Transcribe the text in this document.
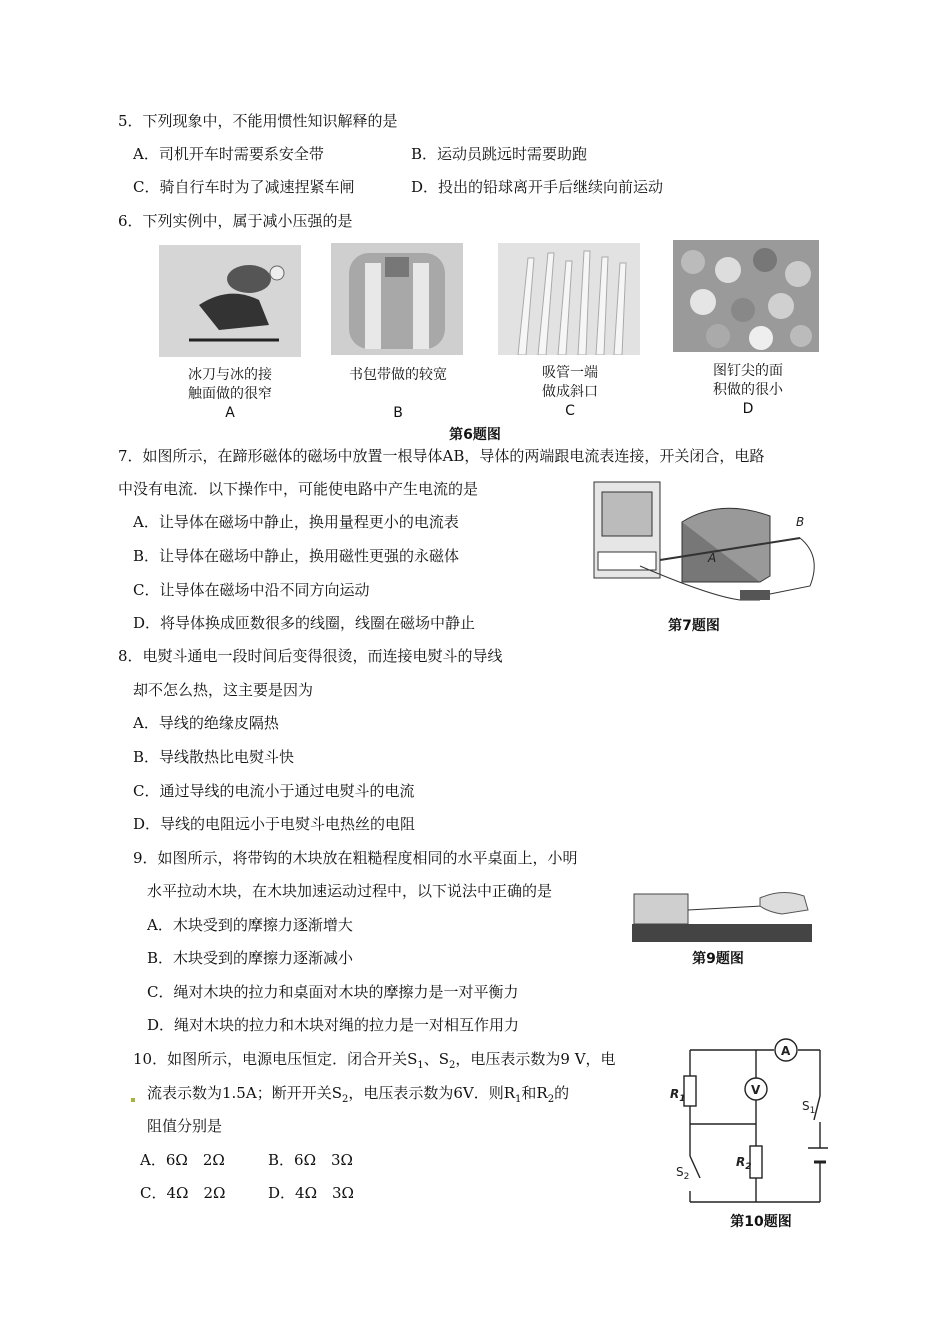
5．下列现象中，不能用惯性知识解释的是
A．司机开车时需要系安全带	B．运动员跳远时需要助跑
C．骑自行车时为了减速捏紧车闸	D．投出的铅球离开手后继续向前运动
6．下列实例中，属于减小压强的是
冰刀与冰的接
触面做的很窄
A
书包带做的较宽
B
吸管一端
做成斜口
C
图钉尖的面
积做的很小
D
第6题图
7．如图所示，在蹄形磁体的磁场中放置一根导体AB，导体的两端跟电流表连接，开关闭合，电路
中没有电流．以下操作中，可能使电路中产生电流的是
A．让导体在磁场中静止，换用量程更小的电流表
B．让导体在磁场中静止，换用磁性更强的永磁体
C．让导体在磁场中沿不同方向运动
D．将导体换成匝数很多的线圈，线圈在磁场中静止
A
B
第7题图
8．电熨斗通电一段时间后变得很烫，而连接电熨斗的导线
却不怎么热，这主要是因为
A．导线的绝缘皮隔热
B．导线散热比电熨斗快
C．通过导线的电流小于通过电熨斗的电流
D．导线的电阻远小于电熨斗电热丝的电阻
9．如图所示，将带钩的木块放在粗糙程度相同的水平桌面上，小明
水平拉动木块，在木块加速运动过程中，以下说法中正确的是
A．木块受到的摩擦力逐渐增大
B．木块受到的摩擦力逐渐减小
C．绳对木块的拉力和桌面对木块的摩擦力是一对平衡力
D．绳对木块的拉力和木块对绳的拉力是一对相互作用力
第9题图
10．如图所示，电源电压恒定．闭合开关$S_1$、$S_2$，电压表示数为9 V，电
流表示数为1.5A；断开开关$S_2$，电压表示数为6V．则$R_1$和$R_2$的
阻值分别是
A．6Ω　2Ω	B．6Ω　3Ω
C．4Ω　2Ω	D．4Ω　3Ω
A
V
$R_1$
$R_2$
$S_1$
$S_2$
第10题图
